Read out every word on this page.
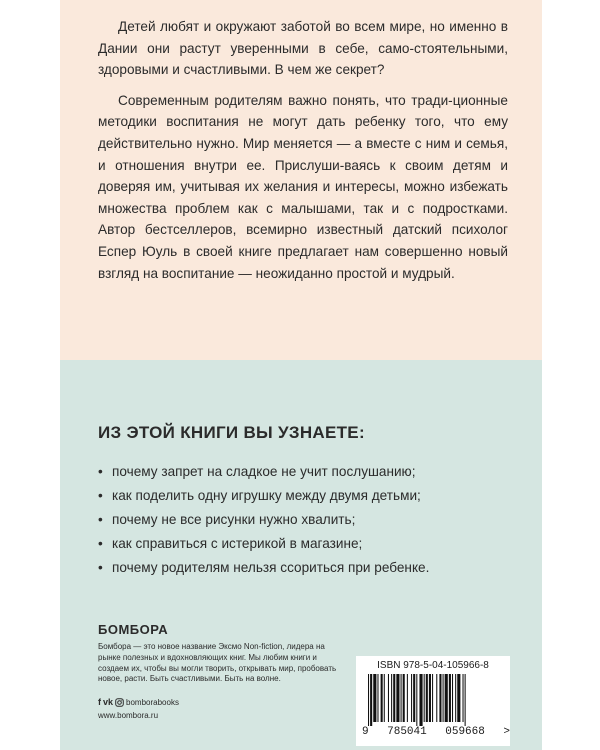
Детей любят и окружают заботой во всем мире, но именно в Дании они растут уверенными в себе, само-стоятельными, здоровыми и счастливыми. В чем же секрет?

Современным родителям важно понять, что тради-ционные методики воспитания не могут дать ребенку того, что ему действительно нужно. Мир меняется — а вместе с ним и семья, и отношения внутри ее. Прислуши-ваясь к своим детям и доверяя им, учитывая их желания и интересы, можно избежать множества проблем как с малышами, так и с подростками. Автор бестселлеров, всемирно известный датский психолог Еспер Юуль в своей книге предлагает нам совершенно новый взгляд на воспитание — неожиданно простой и мудрый.

ИЗ ЭТОЙ КНИГИ ВЫ УЗНАЕТЕ:
• почему запрет на сладкое не учит послушанию;
• как поделить одну игрушку между двумя детьми;
• почему не все рисунки нужно хвалить;
• как справиться с истерикой в магазине;
• почему родителям нельзя ссориться при ребенке.
БОМБОРА

Бомбора — это новое название Эксмо Non-fiction, лидера на рынке полезных и вдохновляющих книг. Мы любим книги и создаем их, чтобы вы могли творить, открывать мир, пробовать новое, расти. Быть счастливыми. Быть на волне.

f vk bomborabooks
www.bombora.ru
ISBN 978-5-04-105966-8
9 785041 059668 >
